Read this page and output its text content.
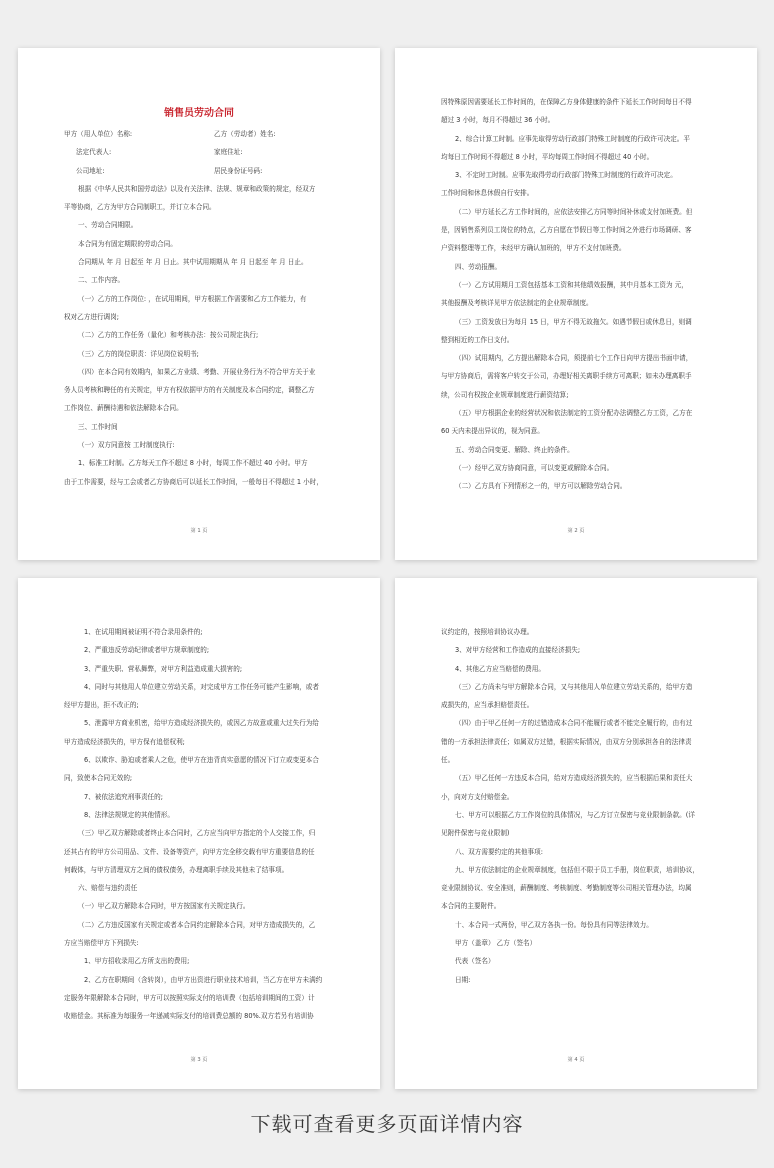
销售员劳动合同
甲方（用人单位）名称:	乙方（劳动者）姓名:
法定代表人:	家庭住址:
公司地址:	居民身份证号码:
根据《中华人民共和国劳动法》以及有关法律、法规、规章和政策的规定，经双方
平等协商，乙方为甲方合同制职工，并订立本合同。
一、劳动合同期限。
本合同为有固定期限的劳动合同。
合同期从 年 月 日起至 年 月 日止。其中试用期期从 年 月 日起至 年 月 日止。
二、工作内容。
（一）乙方的工作岗位: ，在试用期间，甲方根据工作需要和乙方工作能力，有
权对乙方进行调岗;
（二）乙方的工作任务（量化）和考核办法：按公司规定执行;
（三）乙方的岗位职责：详见岗位说明书;
（四）在本合同有效期内，如果乙方业绩、考勤、开展业务行为不符合甲方关于业
务人员考核和聘任的有关规定，甲方有权依据甲方的有关制度及本合同约定，调整乙方
工作岗位、薪酬待遇和依法解除本合同。
三、工作时间
（一）双方同意按 工时制度执行:
1、标准工时制。乙方每天工作不超过 8 小时，每周工作不超过 40 小时。甲方
由于工作需要，经与工会或者乙方协商后可以延长工作时间，一般每日不得超过 1 小时，
第 1 页
因特殊原因需要延长工作时间的，在保障乙方身体健康的条件下延长工作时间每日不得
超过 3 小时，每月不得超过 36 小时。
2、综合计算工时制。应事先取得劳动行政部门特殊工时制度的行政许可决定。平
均每日工作时间不得超过 8 小时，平均每周工作时间不得超过 40 小时。
3、不定时工时制。应事先取得劳动行政部门特殊工时制度的行政许可决定。
工作时间和休息休假自行安排。
（二）甲方延长乙方工作时间的，应依法安排乙方同等时间补休或支付加班费。但
是，因销售系列员工岗位的特点，乙方自愿在节假日等工作时间之外进行市场调研、客
户资料整理等工作，未经甲方确认加班的，甲方不支付加班费。
四、劳动报酬。
（一）乙方试用期月工资包括基本工资和其他绩效报酬，其中月基本工资为 元，
其他报酬及考核详见甲方依法制定的企业规章制度。
（三）工资发放日为每月 15 日，甲方不得无故拖欠。如遇节假日或休息日，则调
整到相近的工作日支付。
（四）试用期内，乙方提出解除本合同，须提前七个工作日向甲方提出书面申请，
与甲方协商后，需将客户转交于公司，办理好相关离职手续方可离职；如未办理离职手
续，公司有权按企业规章制度进行薪资结算;
（五）甲方根据企业的经营状况和依法制定的工资分配办法调整乙方工资，乙方在
60 天内未提出异议的，视为同意。
五、劳动合同变更、解除、终止的条件。
（一）经甲乙双方协商同意，可以变更或解除本合同。
（二）乙方具有下列情形之一的，甲方可以解除劳动合同。
第 2 页
1、在试用期间被证明不符合录用条件的;
2、严重违反劳动纪律或者甲方规章制度的;
3、严重失职、营私舞弊，对甲方利益造成重大损害的;
4、同时与其他用人单位建立劳动关系，对完成甲方工作任务可能产生影响，或者
经甲方提出，拒不改正的;
5、泄露甲方商业机密，给甲方造成经济损失的，或因乙方故意或重大过失行为给
甲方造成经济损失的，甲方保有追偿权利;
6、以欺诈、胁迫或者乘人之危，使甲方在违背真实意愿的情况下订立或变更本合
同，致使本合同无效的;
7、被依法追究刑事责任的;
8、法律法规规定的其他情形。
（三）甲乙双方解除或者终止本合同时，乙方应当向甲方指定的个人交接工作，归
还其占有的甲方公司用品、文件、设备等资产，向甲方完全移交载有甲方重要信息的任
何载体，与甲方清理双方之间的债权债务，办理离职手续及其他未了结事项。
六、赔偿与违约责任
（一）甲乙双方解除本合同时，甲方按国家有关规定执行。
（二）乙方违反国家有关规定或者本合同约定解除本合同，对甲方造成损失的，乙
方应当赔偿甲方下列损失:
1、甲方招收录用乙方所支出的费用;
2、乙方在职期间（含转岗），由甲方出资进行职业技术培训，当乙方在甲方未满约
定服务年限解除本合同时，甲方可以按照实际支付的培训费（包括培训期间的工资）计
收赔偿金。其标准为每服务一年递减实际支付的培训费总额的 80%.双方若另有培训协
第 3 页
议约定的，按照培训协议办理。
3、对甲方经营和工作造成的直接经济损失;
4、其他乙方应当赔偿的费用。
（三）乙方尚未与甲方解除本合同，又与其他用人单位建立劳动关系的，给甲方造
成损失的，应当承担赔偿责任。
（四）由于甲乙任何一方的过错造成本合同不能履行或者不能完全履行的，由有过
错的一方承担法律责任；如属双方过错，根据实际情况，由双方分别承担各自的法律责
任。
（五）甲乙任何一方违反本合同，给对方造成经济损失的，应当根据后果和责任大
小，向对方支付赔偿金。
七、甲方可以根据乙方工作岗位的具体情况，与乙方订立保密与竞业限制条款。(详
见附件保密与竞业限制)
八、双方需要约定的其他事项:
九、甲方依法制定的企业规章制度，包括但不限于员工手册，岗位职责，培训协议，
竞业限制协议、安全准则，薪酬制度、考核制度、考勤制度等公司相关管理办法，均属
本合同的主要附件。
十、本合同一式两份，甲乙双方各执一份。每份具有同等法律效力。
甲方（盖章） 乙方（签名）
代表（签名）
日期:
第 4 页
下载可查看更多页面详情内容
